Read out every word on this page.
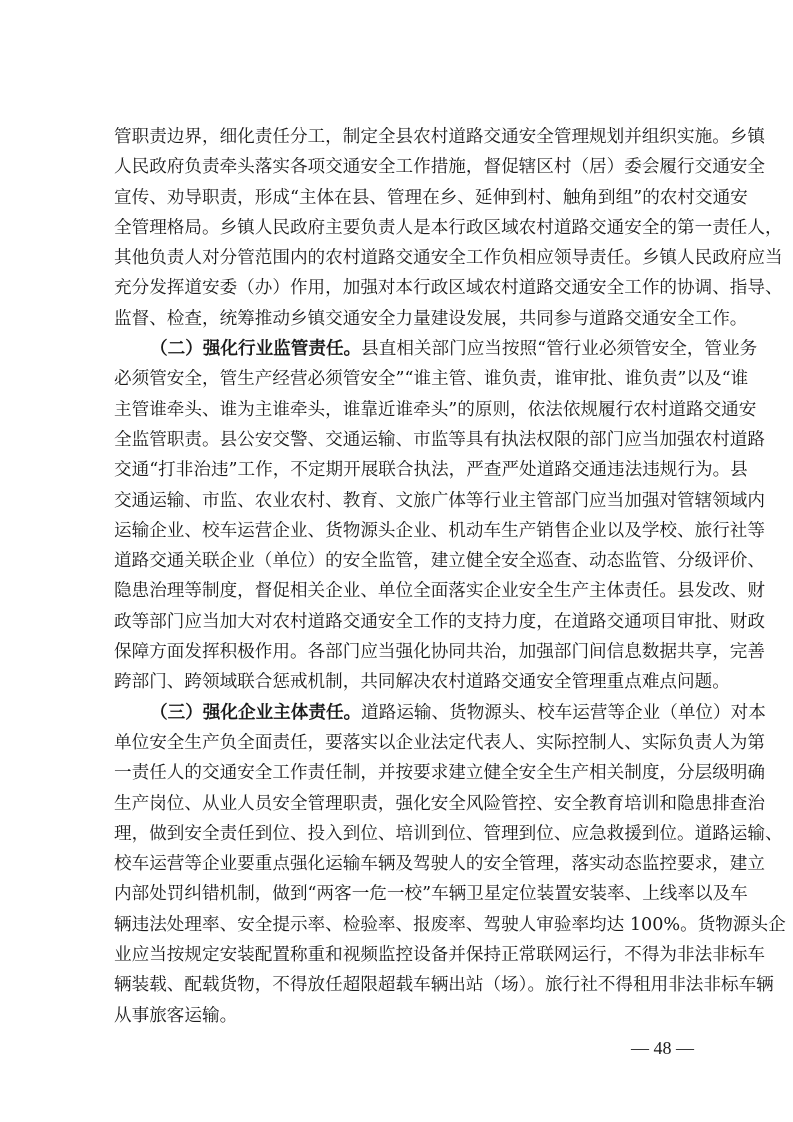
管职责边界，细化责任分工，制定全县农村道路交通安全管理规划并组织实施。乡镇
人民政府负责牵头落实各项交通安全工作措施，督促辖区村（居）委会履行交通安全
宣传、劝导职责，形成“主体在县、管理在乡、延伸到村、触角到组”的农村交通安
全管理格局。乡镇人民政府主要负责人是本行政区域农村道路交通安全的第一责任人，
其他负责人对分管范围内的农村道路交通安全工作负相应领导责任。乡镇人民政府应当
充分发挥道安委（办）作用，加强对本行政区域农村道路交通安全工作的协调、指导、
监督、检查，统筹推动乡镇交通安全力量建设发展，共同参与道路交通安全工作。
（二）强化行业监管责任。县直相关部门应当按照“管行业必须管安全，管业务
必须管安全，管生产经营必须管安全”“谁主管、谁负责，谁审批、谁负责”以及“谁
主管谁牵头、谁为主谁牵头，谁靠近谁牵头”的原则，依法依规履行农村道路交通安
全监管职责。县公安交警、交通运输、市监等具有执法权限的部门应当加强农村道路
交通“打非治违”工作，不定期开展联合执法，严查严处道路交通违法违规行为。县
交通运输、市监、农业农村、教育、文旅广体等行业主管部门应当加强对管辖领域内
运输企业、校车运营企业、货物源头企业、机动车生产销售企业以及学校、旅行社等
道路交通关联企业（单位）的安全监管，建立健全安全巡查、动态监管、分级评价、
隐患治理等制度，督促相关企业、单位全面落实企业安全生产主体责任。县发改、财
政等部门应当加大对农村道路交通安全工作的支持力度，在道路交通项目审批、财政
保障方面发挥积极作用。各部门应当强化协同共治，加强部门间信息数据共享，完善
跨部门、跨领域联合惩戒机制，共同解决农村道路交通安全管理重点难点问题。
（三）强化企业主体责任。道路运输、货物源头、校车运营等企业（单位）对本
单位安全生产负全面责任，要落实以企业法定代表人、实际控制人、实际负责人为第
一责任人的交通安全工作责任制，并按要求建立健全安全生产相关制度，分层级明确
生产岗位、从业人员安全管理职责，强化安全风险管控、安全教育培训和隐患排查治
理，做到安全责任到位、投入到位、培训到位、管理到位、应急救援到位。道路运输、
校车运营等企业要重点强化运输车辆及驾驶人的安全管理，落实动态监控要求，建立
内部处罚纠错机制，做到“两客一危一校”车辆卫星定位装置安装率、上线率以及车
辆违法处理率、安全提示率、检验率、报废率、驾驶人审验率均达 100%。货物源头企
业应当按规定安装配置称重和视频监控设备并保持正常联网运行，不得为非法非标车
辆装载、配载货物，不得放任超限超载车辆出站（场）。旅行社不得租用非法非标车辆
从事旅客运输。
— 48 —
